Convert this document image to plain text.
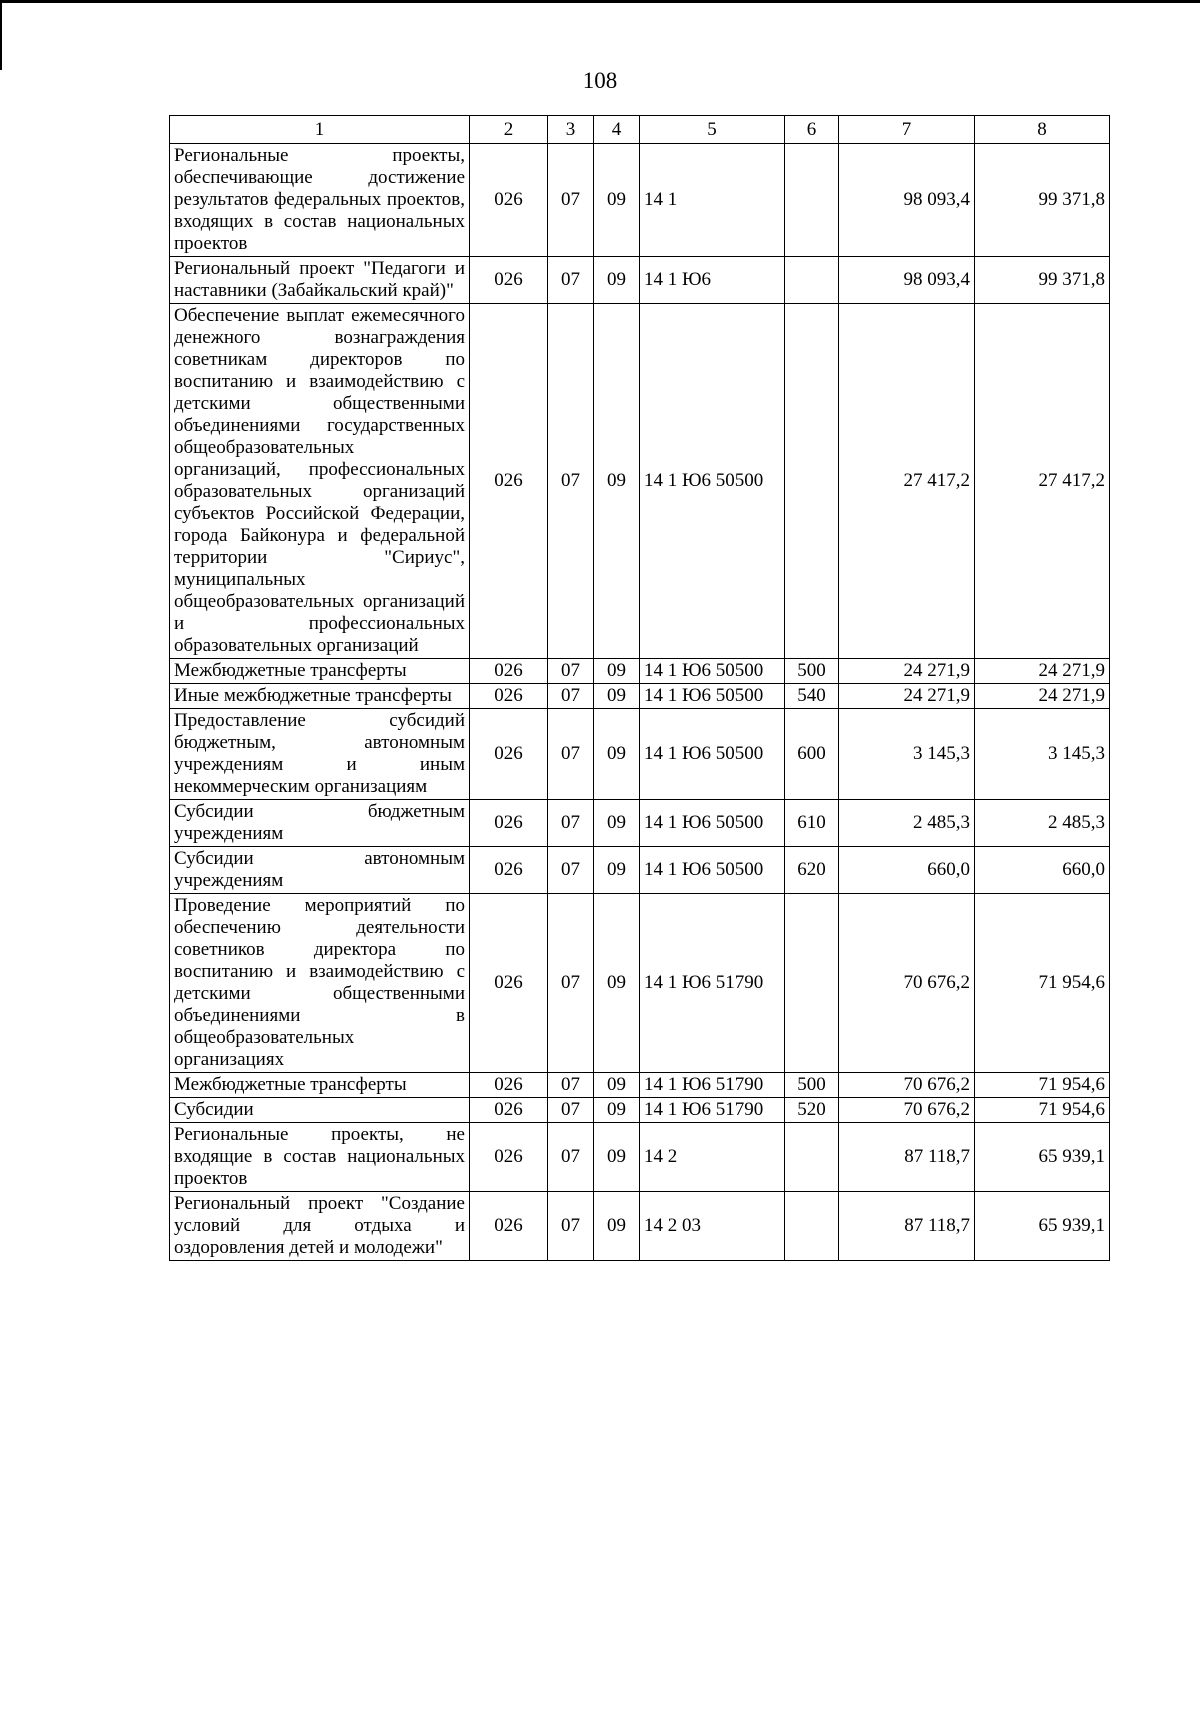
108
1	2	3	4	5	6	7	8
Региональные проекты, обеспечивающие достижение результатов федеральных проектов, входящих в состав национальных проектов	026	07	09	14 1		98 093,4	99 371,8
Региональный проект "Педагоги и наставники (Забайкальский край)"	026	07	09	14 1 Ю6		98 093,4	99 371,8
Обеспечение выплат ежемесячного денежного вознаграждения советникам директоров по воспитанию и взаимодействию с детскими общественными объединениями государственных общеобразовательных организаций, профессиональных образовательных организаций субъектов Российской Федерации, города Байконура и федеральной территории "Сириус", муниципальных общеобразовательных организаций и профессиональных образовательных организаций	026	07	09	14 1 Ю6 50500		27 417,2	27 417,2
Межбюджетные трансферты	026	07	09	14 1 Ю6 50500	500	24 271,9	24 271,9
Иные межбюджетные трансферты	026	07	09	14 1 Ю6 50500	540	24 271,9	24 271,9
Предоставление субсидий бюджетным, автономным учреждениям и иным некоммерческим организациям	026	07	09	14 1 Ю6 50500	600	3 145,3	3 145,3
Субсидии бюджетным учреждениям	026	07	09	14 1 Ю6 50500	610	2 485,3	2 485,3
Субсидии автономным учреждениям	026	07	09	14 1 Ю6 50500	620	660,0	660,0
Проведение мероприятий по обеспечению деятельности советников директора по воспитанию и взаимодействию с детскими общественными объединениями в общеобразовательных организациях	026	07	09	14 1 Ю6 51790		70 676,2	71 954,6
Межбюджетные трансферты	026	07	09	14 1 Ю6 51790	500	70 676,2	71 954,6
Субсидии	026	07	09	14 1 Ю6 51790	520	70 676,2	71 954,6
Региональные проекты, не входящие в состав национальных проектов	026	07	09	14 2		87 118,7	65 939,1
Региональный проект "Создание условий для отдыха и оздоровления детей и молодежи"	026	07	09	14 2 03		87 118,7	65 939,1
